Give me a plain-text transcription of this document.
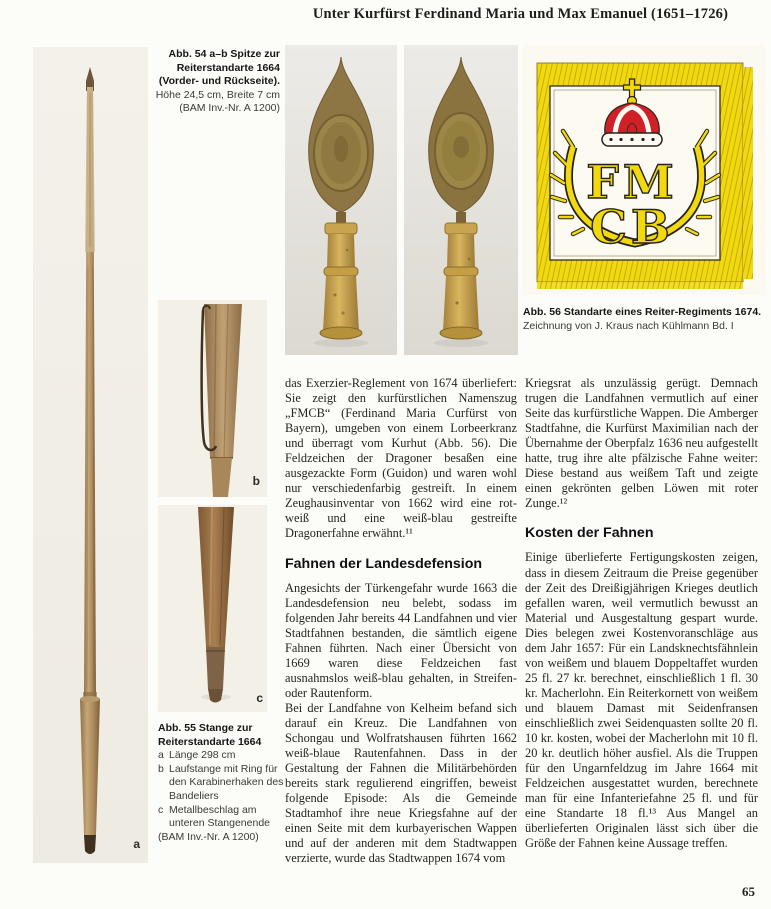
Unter Kurfürst Ferdinand Maria und Max Emanuel (1651–1726)
a
Abb. 54 a–b Spitze zur Reiterstandarte 1664 (Vorder- und Rückseite). Höhe 24,5 cm, Breite 7 cm (BAM Inv.-Nr. A 1200)
FM
CB
Abb. 56 Standarte eines Reiter-Regiments 1674.
Zeichnung von J. Kraus nach Kühlmann Bd. I
b
c

das Exerzier-Reglement von 1674 überliefert: Sie zeigt den kurfürstlichen Namenszug „FMCB“ (Ferdinand Maria Curfürst von Bayern), umgeben von einem Lorbeerkranz und überragt vom Kurhut (Abb. 56). Die Feldzeichen der Dragoner besaßen eine ausgezackte Form (Guidon) und waren wohl nur verschiedenfarbig gestreift. In einem Zeughausinventar von 1662 wird eine rot-weiß und eine weiß-blau gestreifte Dragonerfahne erwähnt.¹¹

Fahnen der Landesdefension

Angesichts der Türkengefahr wurde 1663 die Landesdefension neu belebt, sodass im folgenden Jahr bereits 44 Landfahnen und vier Stadtfahnen bestanden, die sämtlich eigene Fahnen führten. Nach einer Übersicht von 1669 waren diese Feldzeichen fast ausnahmslos weiß-blau gehalten, in Streifen- oder Rautenform.

Bei der Landfahne von Kelheim befand sich darauf ein Kreuz. Die Landfahnen von Schongau und Wolfratshausen führten 1662 weiß-blaue Rautenfahnen. Dass in der Gestaltung der Fahnen die Militärbehörden bereits stark regulierend eingriffen, beweist folgende Episode: Als die Gemeinde Stadtamhof ihre neue Kriegsfahne auf der einen Seite mit dem kurbayerischen Wappen und auf der anderen mit dem Stadtwappen verzierte, wurde das Stadtwappen 1674 vom

Kriegsrat als unzulässig gerügt. Demnach trugen die Landfahnen vermutlich auf einer Seite das kurfürstliche Wappen. Die Amberger Stadtfahne, die Kurfürst Maximilian nach der Übernahme der Oberpfalz 1636 neu aufgestellt hatte, trug ihre alte pfälzische Fahne weiter: Diese bestand aus weißem Taft und zeigte einen gekrönten gelben Löwen mit roter Zunge.¹²

Kosten der Fahnen

Einige überlieferte Fertigungskosten zeigen, dass in diesem Zeitraum die Preise gegenüber der Zeit des Dreißigjährigen Krieges deutlich gefallen waren, weil vermutlich bewusst an Material und Ausgestaltung gespart wurde. Dies belegen zwei Kostenvoranschläge aus dem Jahr 1657: Für ein Landsknechtsfähnlein von weißem und blauem Doppeltaffet wurden 25 fl. 27 kr. berechnet, einschließlich 1 fl. 30 kr. Macherlohn. Ein Reiterkornett von weißem und blauem Damast mit Seidenfransen einschließlich zwei Seidenquasten sollte 20 fl. 10 kr. kosten, wobei der Macherlohn mit 10 fl. 20 kr. deutlich höher ausfiel. Als die Truppen für den Ungarnfeldzug im Jahre 1664 mit Feldzeichen ausgestattet wurden, berechnete man für eine Infanteriefahne 25 fl. und für eine Standarte 18 fl.¹³ Aus Mangel an überlieferten Originalen lässt sich über die Größe der Fahnen keine Aussage treffen.

Abb. 55 Stange zur Reiterstandarte 1664
a Länge 298 cm
b Laufstange mit Ring für den Karabinerhaken des Bandeliers
c Metallbeschlag am unteren Stangenende
(BAM Inv.-Nr. A 1200)
65
